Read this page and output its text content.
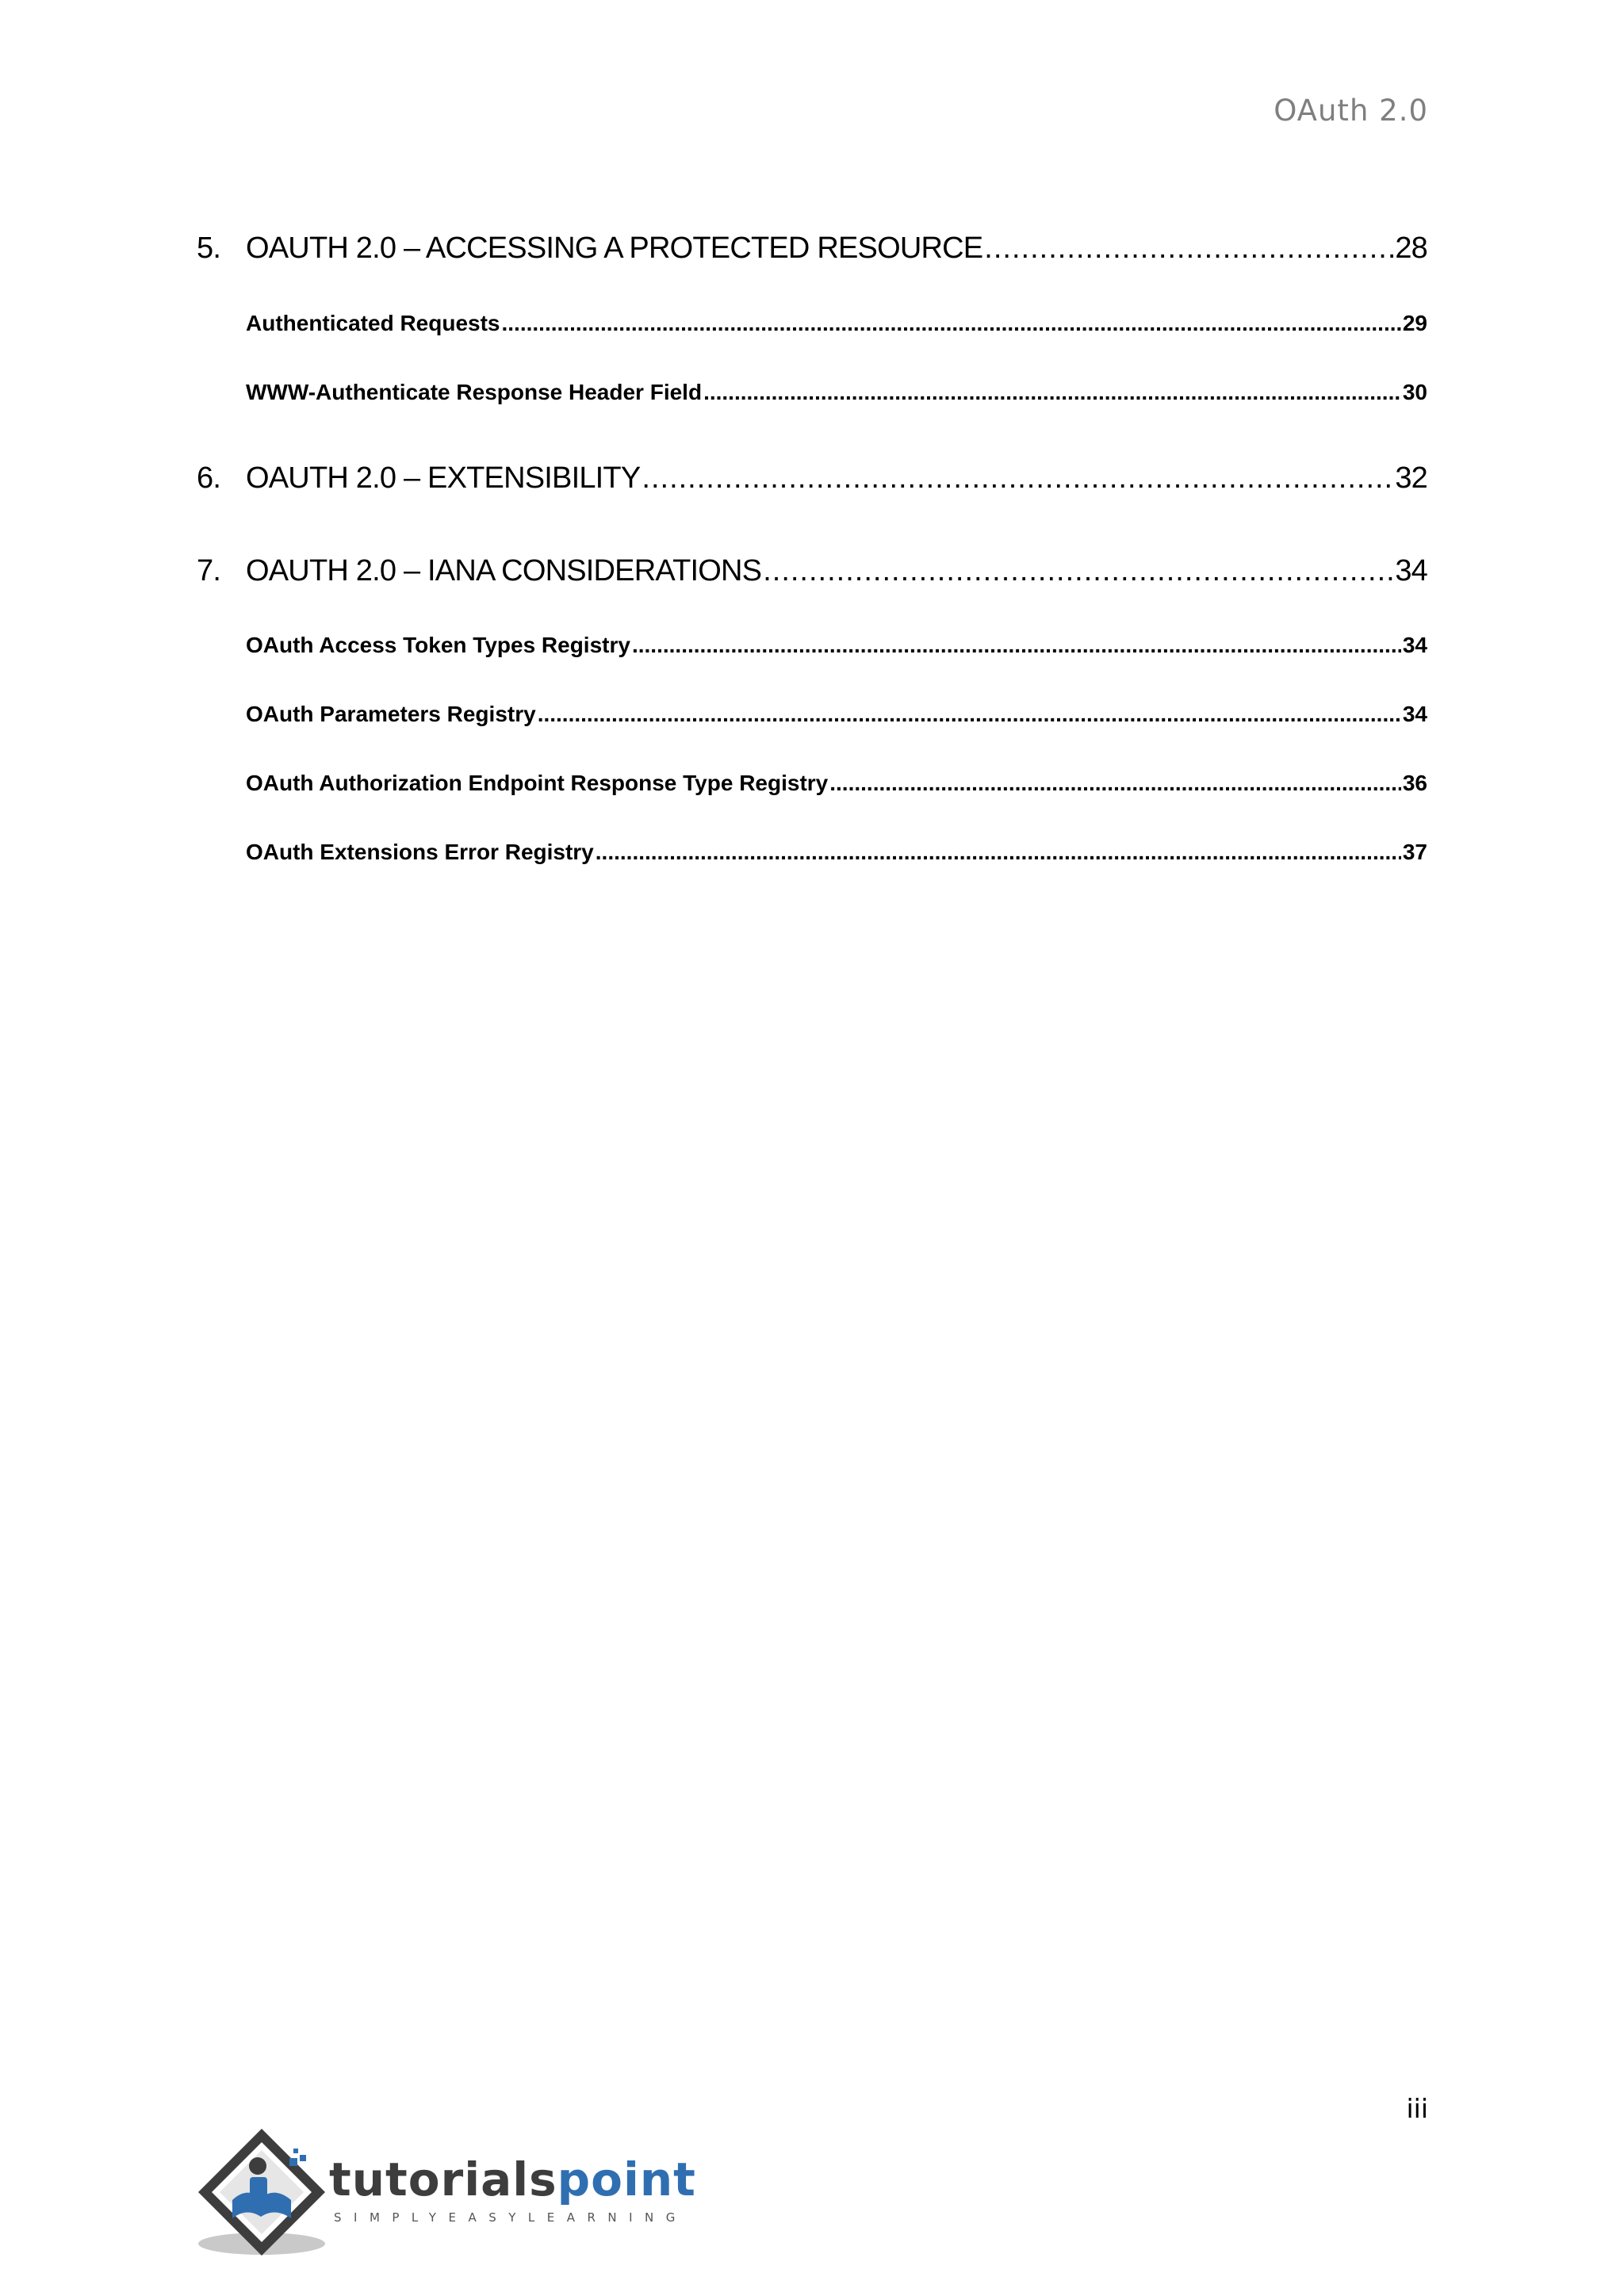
OAuth 2.0
5. OAUTH 2.0 – ACCESSING A PROTECTED RESOURCE .....	28
Authenticated Requests .....	29
WWW-Authenticate Response Header Field .....	30
6. OAUTH 2.0 – EXTENSIBILITY .....	32
7. OAUTH 2.0 – IANA CONSIDERATIONS .....	34
OAuth Access Token Types Registry .....	34
OAuth Parameters Registry .....	34
OAuth Authorization Endpoint Response Type Registry .....	36
OAuth Extensions Error Registry .....	37
iii
tutorialspoint
SIMPLYEASYLEARNING
